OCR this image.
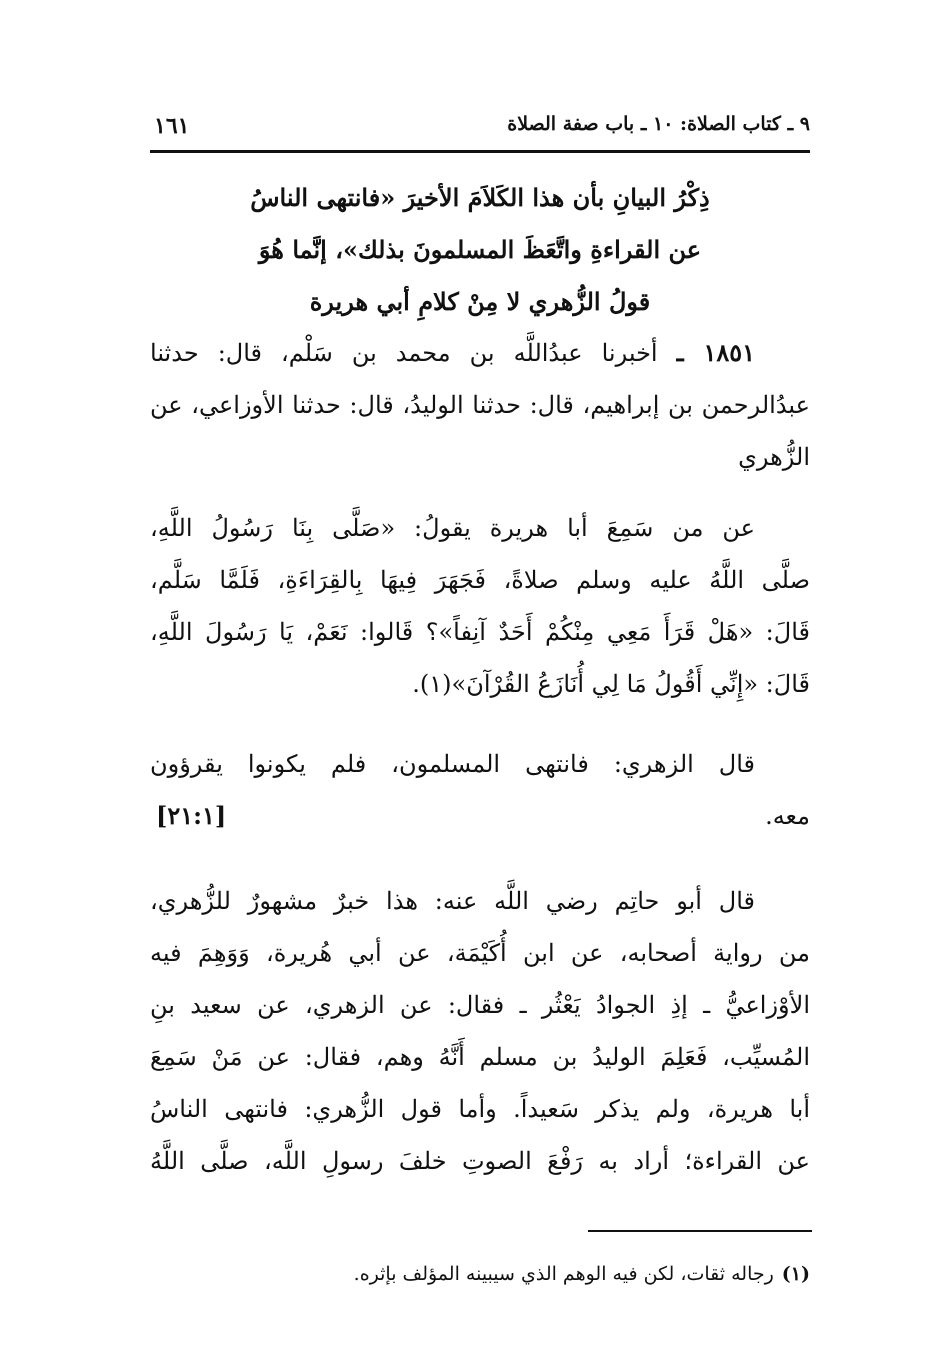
٩ ـ كتاب الصلاة: ١٠ ـ باب صفة الصلاة
١٦١
ذِكْرُ البيانِ بأن هذا الكَلاَمَ الأخيرَ «فانتهى الناسُ
عن القراءةِ واتَّعَظَ المسلمونَ بذلك»، إنَّما هُوَ
قولُ الزُّهري لا مِنْ كلامِ أبي هريرة
١٨٥١ ـ أخبرنا عبدُاللَّه بن محمد بن سَلْم، قال: حدثنا
عبدُالرحمن بن إبراهيم، قال: حدثنا الوليدُ، قال: حدثنا الأوزاعي، عن
الزُّهري
عن من سَمِعَ أبا هريرة يقولُ: «صَلَّى بِنَا رَسُولُ اللَّهِ،
صلَّى اللَّهُ عليه وسلم صلاةً، فَجَهَرَ فِيهَا بِالقِرَاءَةِ، فَلَمَّا سَلَّم،
قَالَ: «هَلْ قَرَأَ مَعِي مِنْكُمْ أَحَدٌ آنِفاً»؟ قَالوا: نَعَمْ، يَا رَسُولَ اللَّهِ،
قَالَ: «إِنِّي أَقُولُ مَا لِي أُنَازَعُ القُرْآنَ»(١).
قال الزهري: فانتهى المسلمون، فلم يكونوا يقرؤون
معه.
[٢١:١]
قال أبو حاتِم رضي اللَّه عنه: هذا خبرٌ مشهورٌ للزُّهري،
من رواية أصحابه، عن ابن أُكَيْمَة، عن أبي هُريرة، وَوَهِمَ فيه
الأوْزاعيُّ ـ إذِ الجوادُ يَعْثُر ـ فقال: عن الزهري، عن سعيد بنِ
المُسيِّب، فَعَلِمَ الوليدُ بن مسلم أَنَّهُ وهم، فقال: عن مَنْ سَمِعَ
أبا هريرة، ولم يذكر سَعيداً. وأما قول الزُّهري: فانتهى الناسُ
عن القراءة؛ أراد به رَفْعَ الصوتِ خلفَ رسولِ اللَّه، صلَّى اللَّهُ
(١)رجاله ثقات، لكن فيه الوهم الذي سيبينه المؤلف بإثره.
